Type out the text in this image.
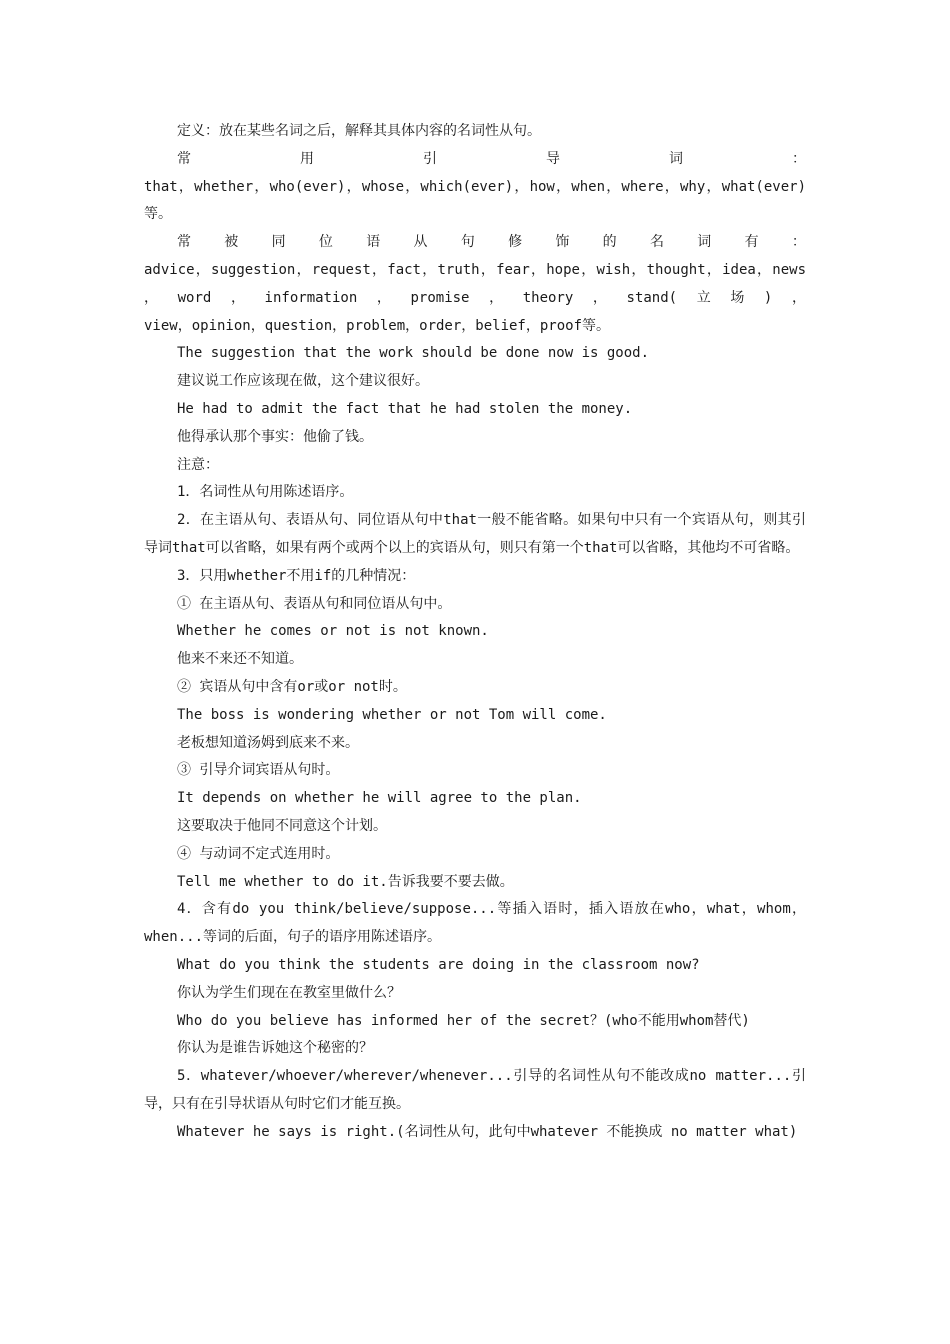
定义：放在某些名词之后，解释其具体内容的名词性从句。

常	用	引	导	词	：

that，whether，who(ever)，whose，which(ever)，how，when，where，why，what(ever)

等。

常 被 同 位 语 从 句 修 饰 的 名 词 有 ：

advice，suggestion，request，fact，truth，fear，hope，wish，thought，idea，news

， word ， information ， promise ， theory ， stand( 立 场 ) ，

view，opinion，question，problem，order，belief，proof等。

The suggestion that the work should be done now is good.

建议说工作应该现在做，这个建议很好。

He had to admit the fact that he had stolen the money.

他得承认那个事实：他偷了钱。

注意：

1．名词性从句用陈述语序。

2．在主语从句、表语从句、同位语从句中that一般不能省略。如果句中只有一个宾语从句，则其引导词that可以省略，如果有两个或两个以上的宾语从句，则只有第一个that可以省略，其他均不可省略。

3．只用whether不用if的几种情况：

① 在主语从句、表语从句和同位语从句中。

Whether he comes or not is not known.

他来不来还不知道。

② 宾语从句中含有or或or not时。

The boss is wondering whether or not Tom will come.

老板想知道汤姆到底来不来。

③ 引导介词宾语从句时。

It depends on whether he will agree to the plan.

这要取决于他同不同意这个计划。

④ 与动词不定式连用时。

Tell me whether to do it.告诉我要不要去做。

4．含有do you think/believe/suppose...等插入语时，插入语放在who，what，whom，when...等词的后面，句子的语序用陈述语序。

What do you think the students are doing in the classroom now?

你认为学生们现在在教室里做什么？

Who do you believe has informed her of the secret？(who不能用whom替代)

你认为是谁告诉她这个秘密的？

5．whatever/whoever/wherever/whenever...引导的名词性从句不能改成no matter...引导，只有在引导状语从句时它们才能互换。

Whatever he says is right.(名词性从句，此句中whatever 不能换成 no matter what)
